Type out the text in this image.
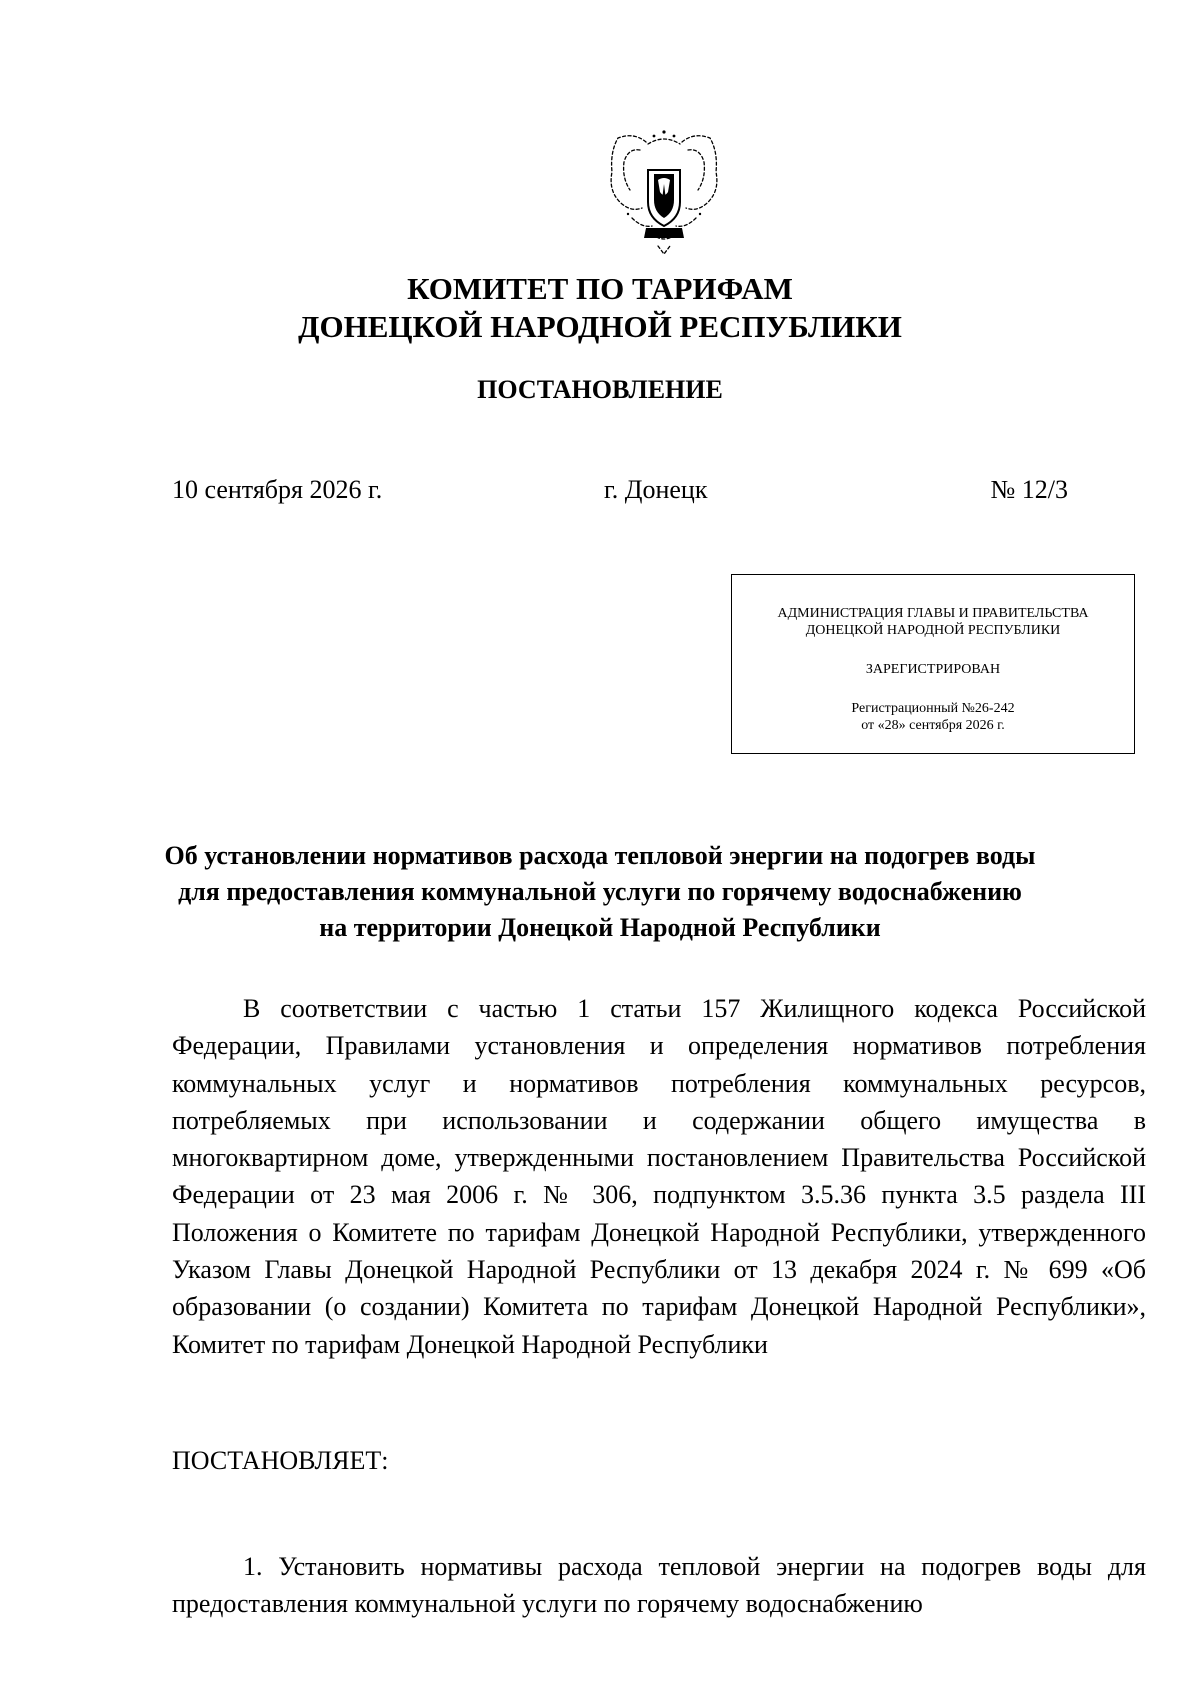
КОМИТЕТ ПО ТАРИФАМ
ДОНЕЦКОЙ НАРОДНОЙ РЕСПУБЛИКИ
ПОСТАНОВЛЕНИЕ
10 сентября 2026 г.	г. Донецк	№ 12/3
АДМИНИСТРАЦИЯ ГЛАВЫ И ПРАВИТЕЛЬСТВА
ДОНЕЦКОЙ НАРОДНОЙ РЕСПУБЛИКИ
ЗАРЕГИСТРИРОВАН
Регистрационный №26-242
от «28» сентября 2026 г.
Об установлении нормативов расхода тепловой энергии на подогрев воды
для предоставления коммунальной услуги по горячему водоснабжению
на территории Донецкой Народной Республики
В соответствии с частью 1 статьи 157 Жилищного кодекса Российской Федерации, Правилами установления и определения нормативов потребления коммунальных услуг и нормативов потребления коммунальных ресурсов, потребляемых при использовании и содержании общего имущества в многоквартирном доме, утвержденными постановлением Правительства Российской Федерации от 23 мая 2006 г. № 306, подпунктом 3.5.36 пункта 3.5 раздела III Положения о Комитете по тарифам Донецкой Народной Республики, утвержденного Указом Главы Донецкой Народной Республики от 13 декабря 2024 г. № 699 «Об образовании (о создании) Комитета по тарифам Донецкой Народной Республики», Комитет по тарифам Донецкой Народной Республики
ПОСТАНОВЛЯЕТ:
1. Установить нормативы расхода тепловой энергии на подогрев воды для предоставления коммунальной услуги по горячему водоснабжению
